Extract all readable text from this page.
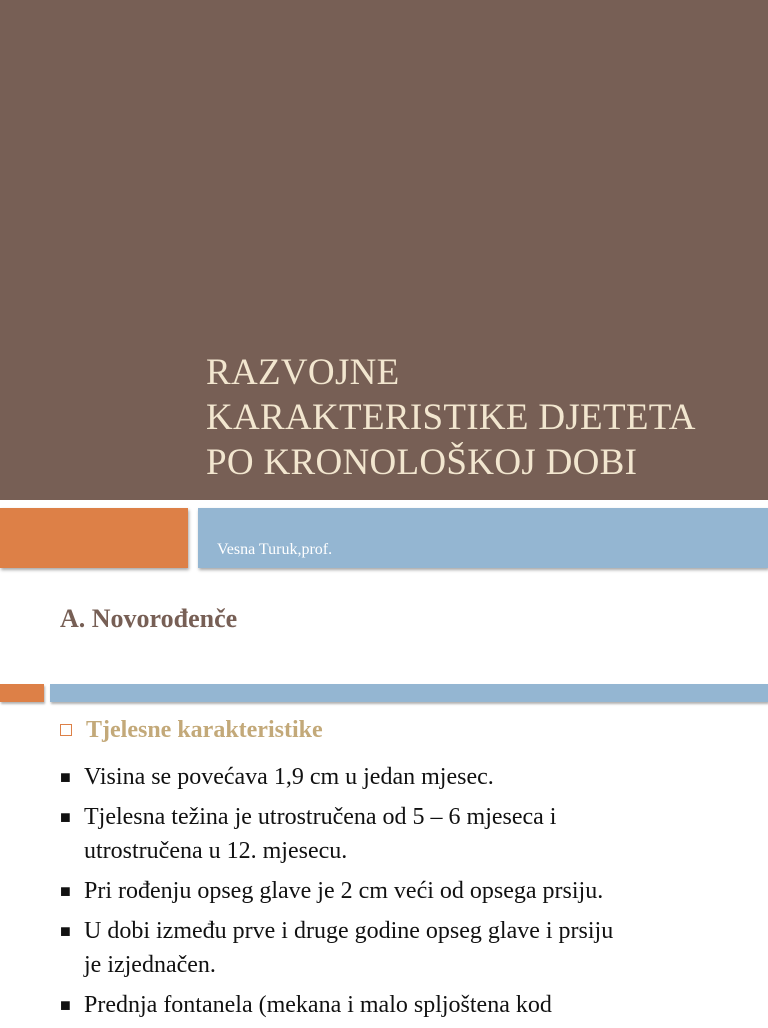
RAZVOJNE
KARAKTERISTIKE DJETETA
PO KRONOLOŠKOJ DOBI
Vesna Turuk,prof.
A. Novorođenče
Tjelesne karakteristike
■ Visina se povećava 1,9 cm u jedan mjesec.
■ Tjelesna težina je utrostručena od 5 – 6 mjeseca i
utrostručena u 12. mjesecu.
■ Pri rođenju opseg glave je 2 cm veći od opsega prsiju.
■ U dobi između prve i druge godine opseg glave i prsiju
je izjednačen.
■ Prednja fontanela (mekana i malo spljoštena kod
